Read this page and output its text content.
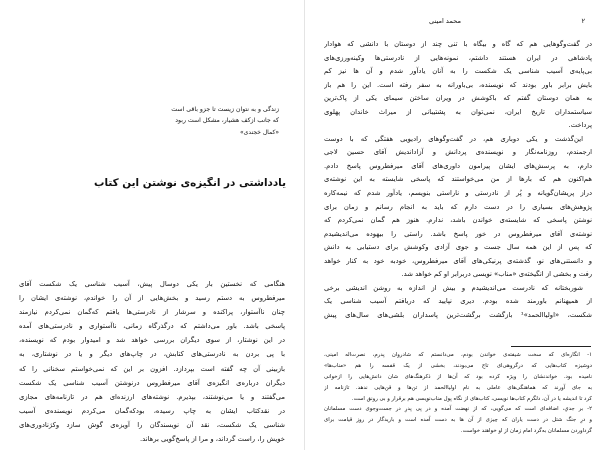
زندگی و به نتوان زیست تا جزو باقی است
که جانب ازکف هشیار، مشکل است ربود
«کمال خجندی»
یادداشتی در انگیزه‌ی نوشتن این کتاب
هنگامی که نخستین بار یکی دوسال پیش، آسیب شناسی یک شکست آقای
میرفطروس به دستم رسید و بخش‌هایی از آن را خواندم، نوشته‌ی ایشان را
چنان ناآستوار، پراکنده و سرشار از نادرستی‌ها یافتم که‌گمان نمی‌کردم نیازمند
پاسخی باشد. باور می‌داشتم که درگذرگاه زمانی، ناآستواری و نادرستی‌های آمده
در این نوشتار، از سوی دیگران بررسی خواهد شد و امیدوار بودم که نویسنده،
با پی بردن به نادرستی‌های کتابش، در چاپ‌های دیگر و یا در نوشتاری، به
بازبینی آن چه‌ گفته است بپردازد. افزون بر این که نمی‌خواستم سخنانی را که
دیگران درباره‌ی انگیزه‌ی آقای میرفطروس درنوشتن آسیب شناسی یک شکست
می‌گفتند و یا می‌نوشتند، بپذیرم. نوشته‌های ارزنده‌ای هم در تازنامه‌های مجازی
در نقدکتاب ایشان به چاپ رسیده، بودکه‌گمان می‌کردم نویسنده‌ی آسیب
شناسی یک شکست، نقد آن نویسندگان را آویزه‌ی گوش سازد وکژنادوری‌های
خویش را، راست گرداند، و مرا از پاسخ‌گویی برهاند.
۲
محمد امینی
در گفت‌وگوهایی هم که گاه و بیگاه با تنی چند از دوستان با دانشی که هوادار
پادشاهی در ایران هستند داشتم، نمونه‌هایی از نادرستی‌ها وکینه‌ورزی‌های
بی‌پایه‌ی آسیب شناسی یک شکست را به آنان یادآور شدم و آن ها نیز کم
بایش برابر باور بودند که نویسنده، بی‌باورانه به سفر رفته است. این را هم باز
به همان دوستان گفتم که باکوشش در ویران ساختن سیمای یکی از پاک‌ترین
سیاستمداران تاریخ ایران، نمی‌توان به پشتیبانی از میراث خاندان پهلوی
پرداخت.
این‌گذشت و یکی دوباری هم، در گفت‌وگوهای رادیویی هفتگی که با دوست
ارجمندم، روزنامه‌نگار و نویسنده‌ی پردانش و آزاداندیش آقای حسین لاجی
دارم، به پرسش‌های ایشان پیرامون داوری‌های آقای میرفطروس پاسخ دادم.
هم‌اکنون هم که بارها از من می‌خواستند که پاسخی شایسته به این نوشته‌ی
دراز پریشان‌گویانه و پُر از نادرستی و ناراستی بنویسم، یادآور شدم که نیمه‌کاره
پژوهش‌های بسیاری را در دست دارم که باید به انجام رسانم و زمان برای
نوشتن پاسخی که شایسته‌ی خواندن باشد، ندارم. هنوز هم گمان نمی‌کردم که
نوشته‌ی آقای میرفطروس در خور پاسخ باشد. راستی را بیهوده می‌اندیشیدم
که پس از این همه سال جست و جوی آزادی وکوشش برای دستیابی به دانش
و دانستنی‌های نو، گذشته‌ی پرنیکی‌های آقای میرفطروس، خودبه خود به کنار خواهد
رفت و بخشی از انگیخته‌ی «مناب» نویسی دربرابر او کم خواهد شد.
شوربختانه که نادرست می‌اندیشیدم و بیش از اندازه به روشن اندیشی برخی
از همیهنانم باورمند شده بودم. دیری نپایید که دریافتم آسیب شناسی یک
شکست، «اولیاالحمد»¹ بازگشت برگشت‌ترین پاسداران بلشی‌های سال‌های پیش
۱- انگاره‌ای که سخت شیفته‌ی خواندن بودم، می‌دانستم که شادروان پدرم، نصرت‌اله امینی،
دوشیزه کتاب‌هایی که درگروهی‌ای تاج می‌بودند، بخشی از یک قفسه را هم «مناب‌ها»
نامیده بود. خواندنشان را ویژه کرده بود که آن‌ها از ذکرهنگ‌های شان دانش‌هایی را ازخوانی
به جای آورند که هماهنگی‌های عاملی به نام اولیاالحمد از تن‌ها و قن‌هایی ندهد. تازنامه از
کرد تا اندیشه یا در آن، دلگرم کتاب‌ها نویسی، کتاب‌های از نگاه پول مناب‌نویسی هم برقرار و بی‌ رونق است.
۲- بر جدیِ، اضافه‌ای است که می‌گویی، که از نهضت آمده و در پی پدرِ در جست‌وجوی دست مسلمانان
و درِ جنگ شتل در دست یاران که چیزی از آن ها به دست آمده است و باریدگار در روز قیامت برای
گرداوردن مسلمانان به‌گرد امام زمان از او خواهند خواست.
